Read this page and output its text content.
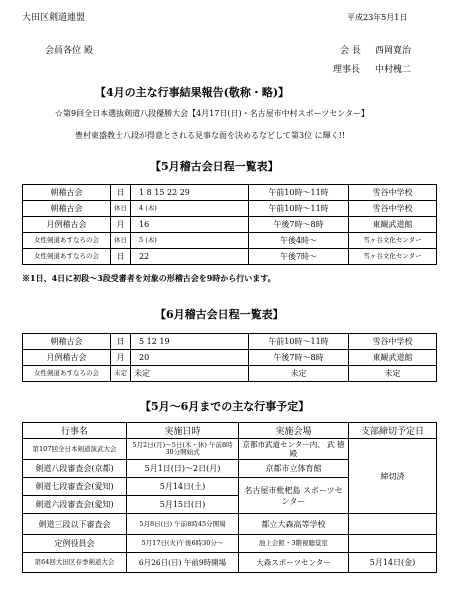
大田区剣道連盟	平成23年5月1日
会員各位 殿	会 長 西岡寛治
理事長 中村槐二
【4月の主な行事結果報告(敬称・略)】
☆第9回全日本選抜剣道八段優勝大会【4月17日(日)・名古屋市中村スポーツセンター】
豊村東盛教士八段が得意とされる見事な面を決めるなどして第3位 に輝く!!
【5月稽古会日程一覧表】
朝稽古会	日	1 8 15 22 29	午前10時～11時	雪谷中学校
朝稽古会	休日	4 (木)	午前10時～11時	雪谷中学校
月例稽古会	月	16	午後7時～8時	東観武道館
女性剣道あすなろの会	休日	5 (木)	午後4時～	雪ヶ谷文化センター
女性剣道あすなろの会	日	22	午後7時～	雪ヶ谷文化センター
※1日、4日に初段～3段受審者を対象の形稽古会を9時から行います。
【6月稽古会日程一覧表】
朝稽古会	日	5 12 19	午前10時～11時	雪谷中学校
月例稽古会	月	20	午後7時～8時	東観武道館
女性剣道あすなろの会	未定	未定	未定	未定
【5月～6月までの主な行事予定】
行事名	実施日時	実施会場	支部締切予定日
第107回全日本剣道演武大会	5月2日(月)～5日(木・休) 午前8時30分開始式	京都市武道センター内、 武 徳 殿	締切済
剣道八段審査会(京都)	5月1日(日)～2日(月)	京都市立体育館	
剣道七段審査会(愛知)	5月14日(土)	名古屋市枇杷島 スポーツセンター	
剣道六段審査会(愛知)	5月15日(日)		
剣道三段以下審査会	5月8日(日) 午前8時45分開場	都立大森高等学校	
定例役員会	5月17日(火)午後6時30分～	池上会館・3階視聴覚室	
第64回大田区春季剣道大会	6月26日(日) 午前9時開場	大森スポーツセンター	5月14日(金)
